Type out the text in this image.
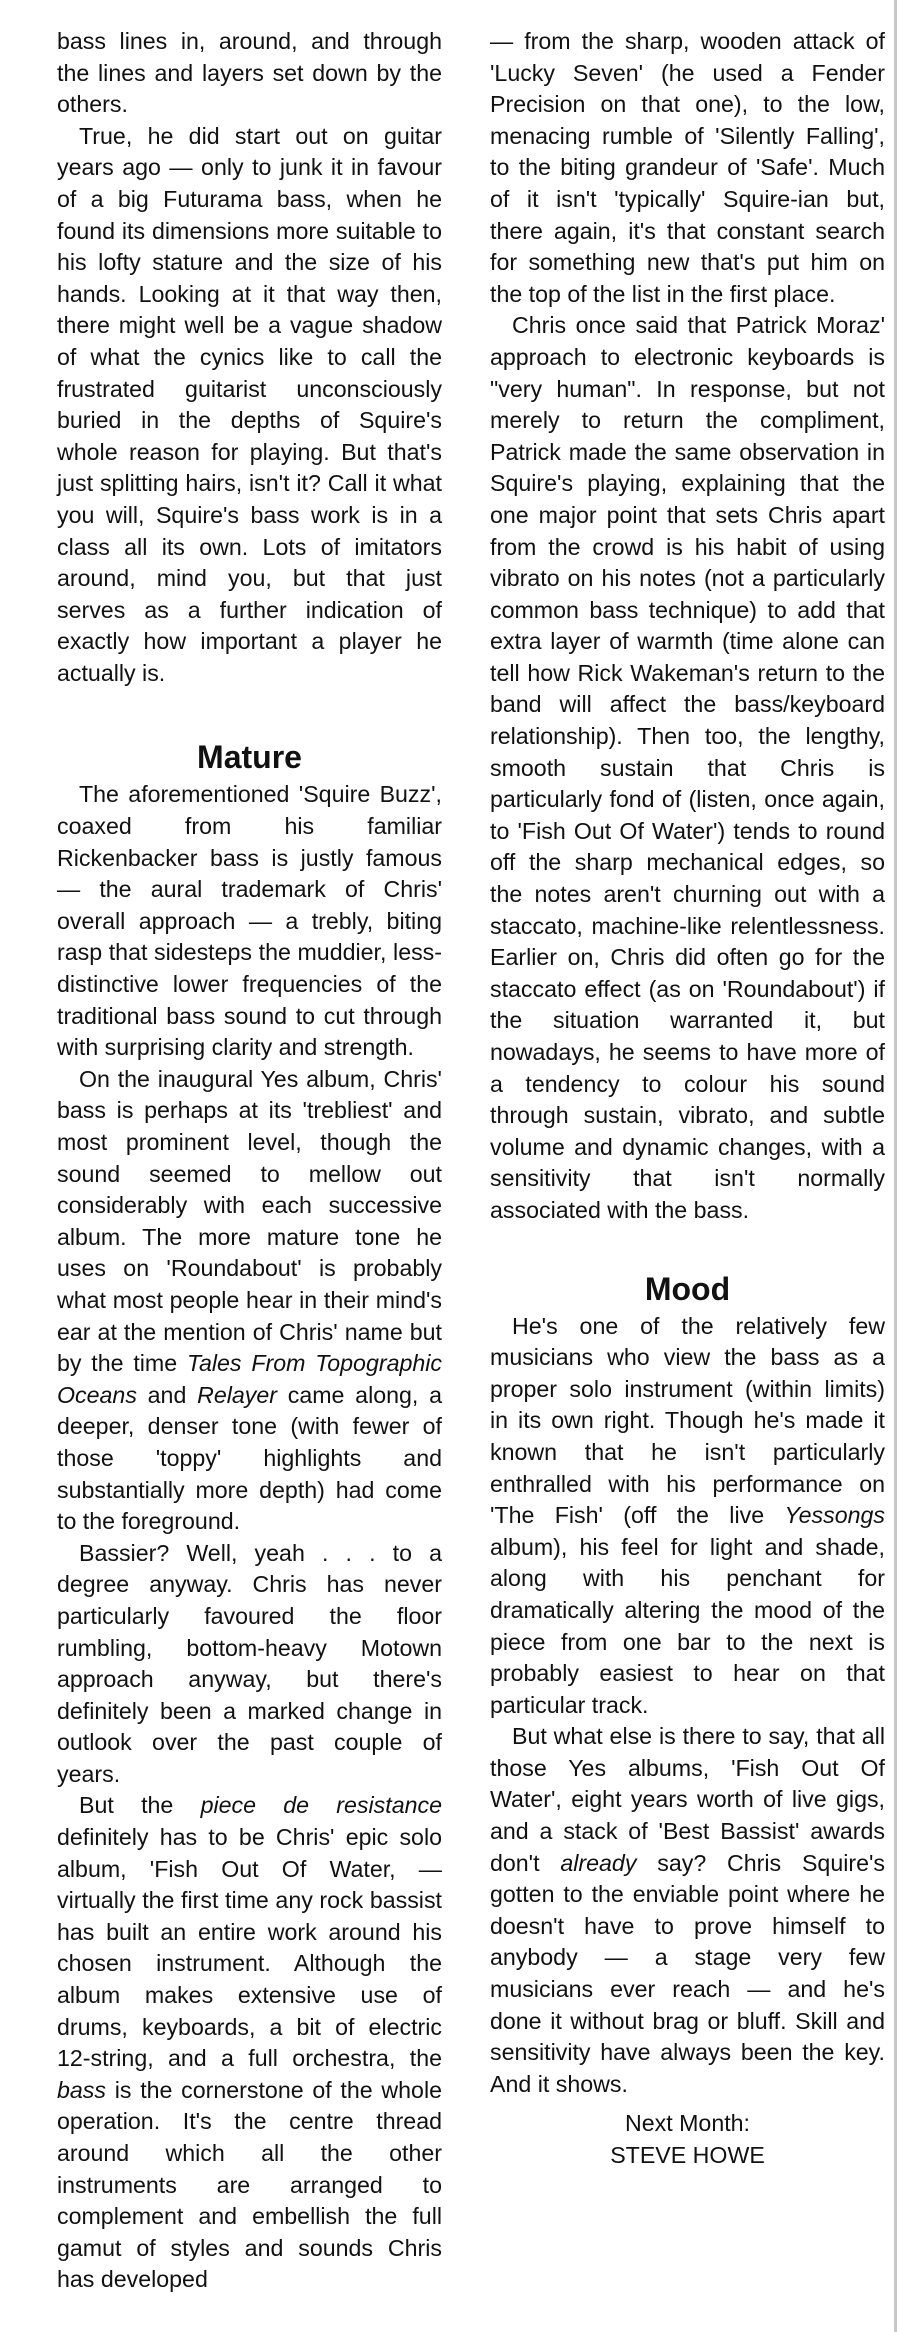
bass lines in, around, and through the lines and layers set down by the others.

True, he did start out on guitar years ago — only to junk it in favour of a big Futurama bass, when he found its dimensions more suitable to his lofty stature and the size of his hands. Looking at it that way then, there might well be a vague shadow of what the cynics like to call the frustrated guitarist unconsciously buried in the depths of Squire's whole reason for playing. But that's just splitting hairs, isn't it? Call it what you will, Squire's bass work is in a class all its own. Lots of imitators around, mind you, but that just serves as a further indication of exactly how important a player he actually is.

Mature

The aforementioned 'Squire Buzz', coaxed from his familiar Rickenbacker bass is justly famous — the aural trademark of Chris' overall approach — a trebly, biting rasp that sidesteps the muddier, less-distinctive lower frequencies of the traditional bass sound to cut through with surprising clarity and strength.

On the inaugural Yes album, Chris' bass is perhaps at its 'trebliest' and most prominent level, though the sound seemed to mellow out considerably with each successive album. The more mature tone he uses on 'Roundabout' is probably what most people hear in their mind's ear at the mention of Chris' name but by the time Tales From Topographic Oceans and Relayer came along, a deeper, denser tone (with fewer of those 'toppy' highlights and substantially more depth) had come to the foreground.

Bassier? Well, yeah . . . to a degree anyway. Chris has never particularly favoured the floor rumbling, bottom-heavy Motown approach anyway, but there's definitely been a marked change in outlook over the past couple of years.

But the piece de resistance definitely has to be Chris' epic solo album, 'Fish Out Of Water, — virtually the first time any rock bassist has built an entire work around his chosen instrument. Although the album makes extensive use of drums, keyboards, a bit of electric 12-string, and a full orchestra, the bass is the cornerstone of the whole operation. It's the centre thread around which all the other instruments are arranged to complement and embellish the full gamut of styles and sounds Chris has developed

— from the sharp, wooden attack of 'Lucky Seven' (he used a Fender Precision on that one), to the low, menacing rumble of 'Silently Falling', to the biting grandeur of 'Safe'. Much of it isn't 'typically' Squire-ian but, there again, it's that constant search for something new that's put him on the top of the list in the first place.

Chris once said that Patrick Moraz' approach to electronic keyboards is "very human". In response, but not merely to return the compliment, Patrick made the same observation in Squire's playing, explaining that the one major point that sets Chris apart from the crowd is his habit of using vibrato on his notes (not a particularly common bass technique) to add that extra layer of warmth (time alone can tell how Rick Wakeman's return to the band will affect the bass/keyboard relationship). Then too, the lengthy, smooth sustain that Chris is particularly fond of (listen, once again, to 'Fish Out Of Water') tends to round off the sharp mechanical edges, so the notes aren't churning out with a staccato, machine-like relentlessness. Earlier on, Chris did often go for the staccato effect (as on 'Roundabout') if the situation warranted it, but nowadays, he seems to have more of a tendency to colour his sound through sustain, vibrato, and subtle volume and dynamic changes, with a sensitivity that isn't normally associated with the bass.

Mood

He's one of the relatively few musicians who view the bass as a proper solo instrument (within limits) in its own right. Though he's made it known that he isn't particularly enthralled with his performance on 'The Fish' (off the live Yessongs album), his feel for light and shade, along with his penchant for dramatically altering the mood of the piece from one bar to the next is probably easiest to hear on that particular track.

But what else is there to say, that all those Yes albums, 'Fish Out Of Water', eight years worth of live gigs, and a stack of 'Best Bassist' awards don't already say? Chris Squire's gotten to the enviable point where he doesn't have to prove himself to anybody — a stage very few musicians ever reach — and he's done it without brag or bluff. Skill and sensitivity have always been the key. And it shows.

Next Month:
STEVE HOWE
